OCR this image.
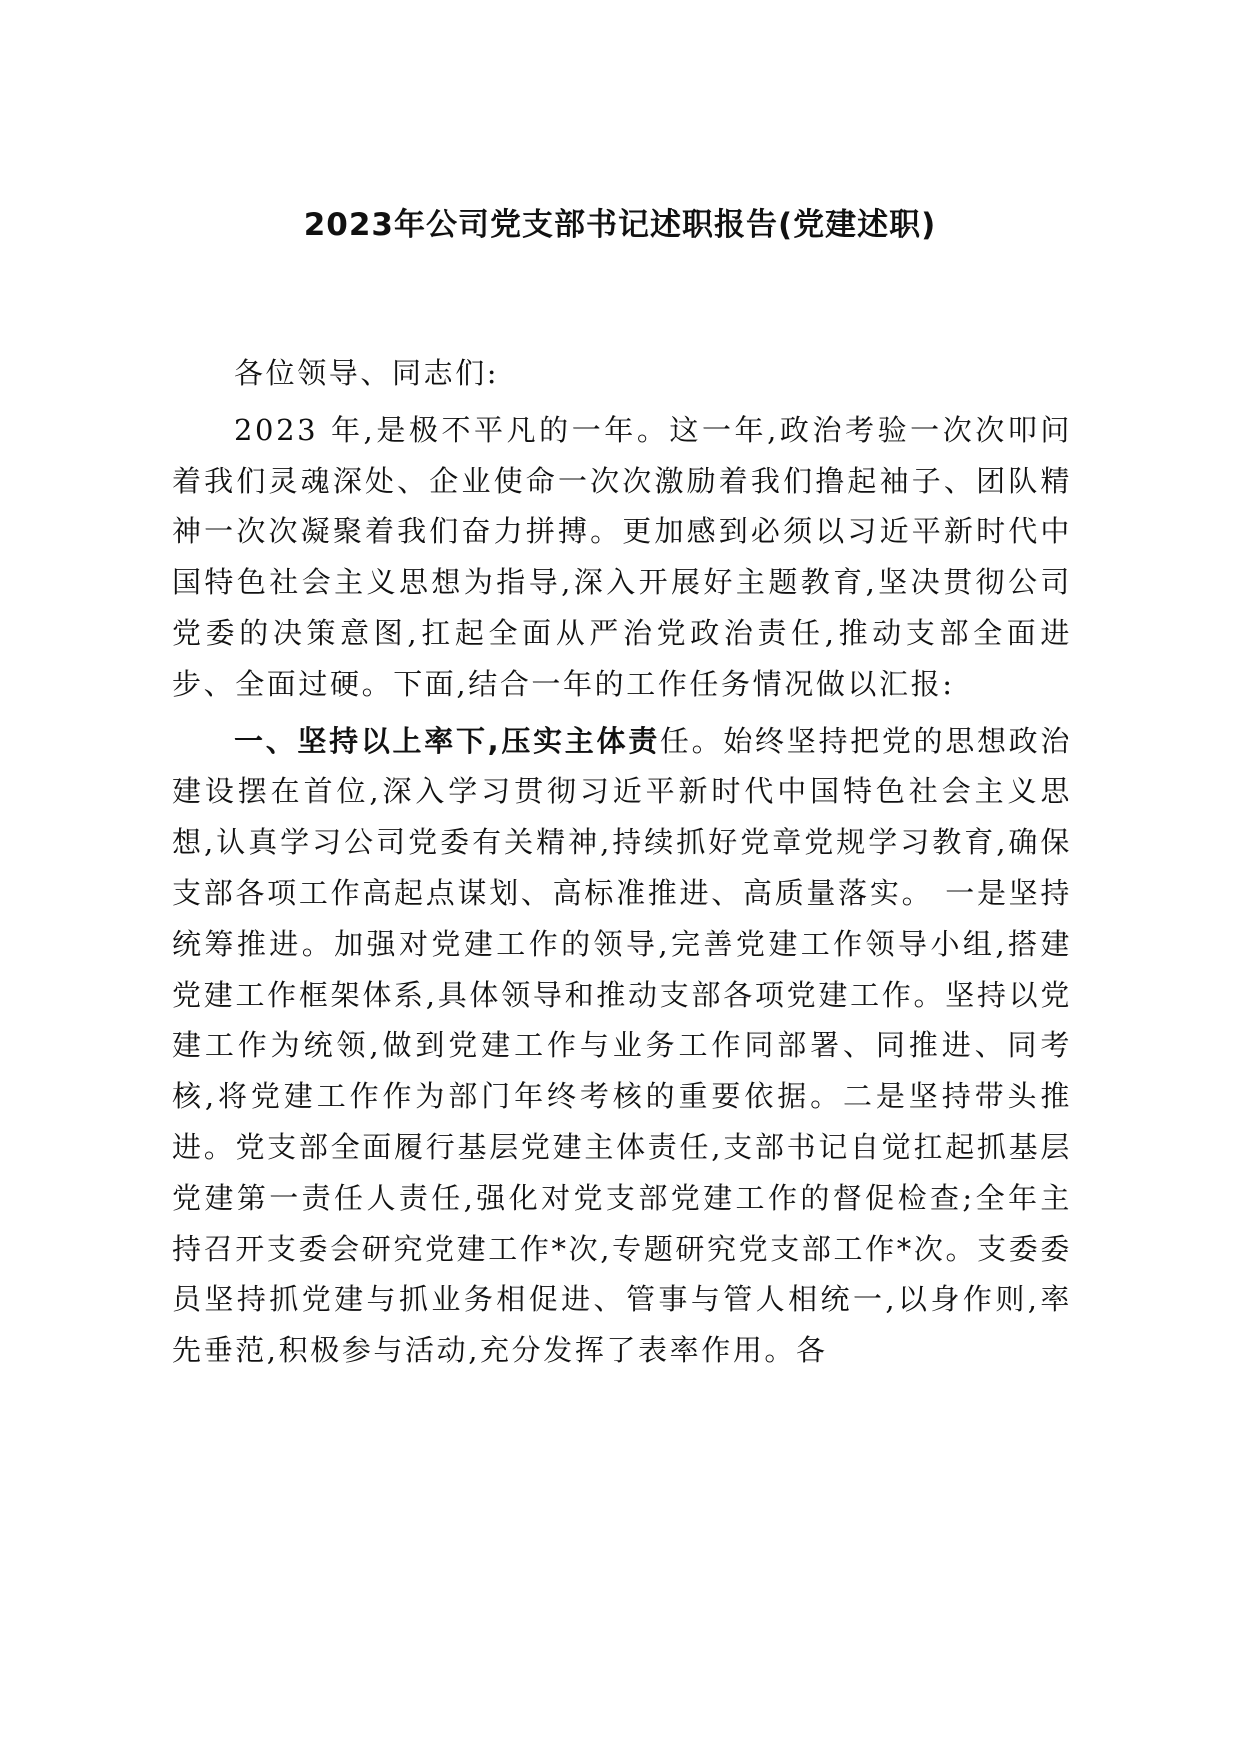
2023年公司党支部书记述职报告(党建述职)

各位领导、同志们:

2023 年,是极不平凡的一年。这一年,政治考验一次次叩问着我们灵魂深处、企业使命一次次激励着我们撸起袖子、团队精神一次次凝聚着我们奋力拼搏。更加感到必须以习近平新时代中国特色社会主义思想为指导,深入开展好主题教育,坚决贯彻公司党委的决策意图,扛起全面从严治党政治责任,推动支部全面进步、全面过硬。下面,结合一年的工作任务情况做以汇报:

一、坚持以上率下,压实主体责任。始终坚持把党的思想政治建设摆在首位,深入学习贯彻习近平新时代中国特色社会主义思想,认真学习公司党委有关精神,持续抓好党章党规学习教育,确保支部各项工作高起点谋划、高标准推进、高质量落实。 一是坚持统筹推进。加强对党建工作的领导,完善党建工作领导小组,搭建党建工作框架体系,具体领导和推动支部各项党建工作。坚持以党建工作为统领,做到党建工作与业务工作同部署、同推进、同考核,将党建工作作为部门年终考核的重要依据。二是坚持带头推进。党支部全面履行基层党建主体责任,支部书记自觉扛起抓基层党建第一责任人责任,强化对党支部党建工作的督促检查;全年主持召开支委会研究党建工作*次,专题研究党支部工作*次。支委委员坚持抓党建与抓业务相促进、管事与管人相统一,以身作则,率先垂范,积极参与活动,充分发挥了表率作用。各
